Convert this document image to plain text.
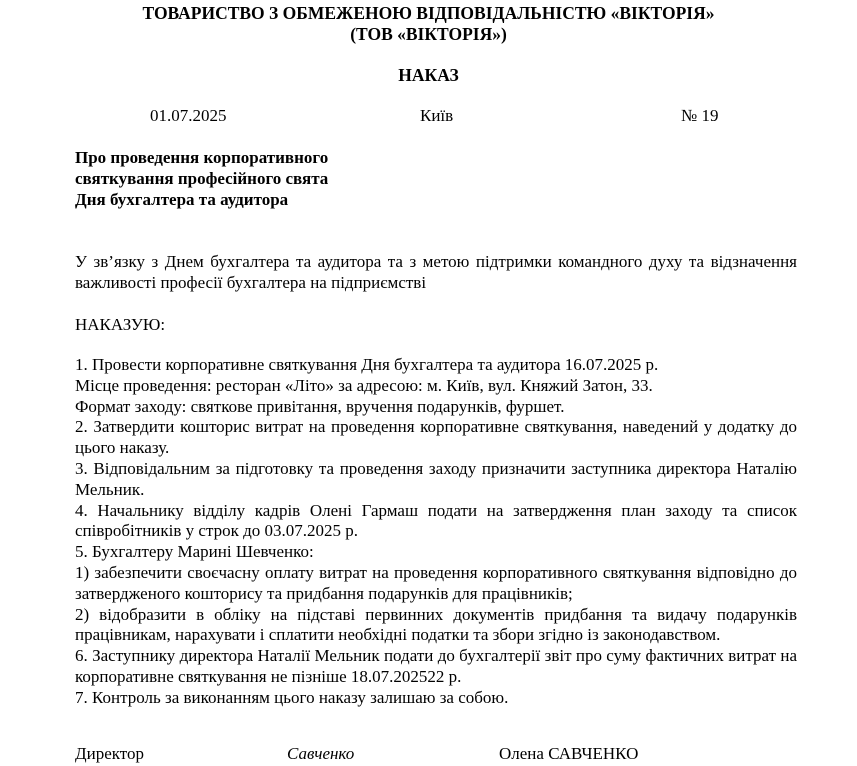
ТОВАРИСТВО З ОБМЕЖЕНОЮ ВІДПОВІДАЛЬНІСТЮ «ВІКТОРІЯ»
(ТОВ «ВІКТОРІЯ»)
НАКАЗ
01.07.2025	Київ	№ 19
Про проведення корпоративного
святкування професійного свята
Дня бухгалтера та аудитора

У зв’язку з Днем бухгалтера та аудитора та з метою підтримки командного духу та відзначення важливості професії бухгалтера на підприємстві

НАКАЗУЮ:

1. Провести корпоративне святкування Дня бухгалтера та аудитора 16.07.2025 р.

Місце проведення: ресторан «Літо» за адресою: м. Київ, вул. Княжий Затон, 33.

Формат заходу: святкове привітання, вручення подарунків, фуршет.

2. Затвердити кошторис витрат на проведення корпоративне святкування, наведений у додатку до цього наказу.

3. Відповідальним за підготовку та проведення заходу призначити заступника директора Наталію Мельник.

4. Начальнику відділу кадрів Олені Гармаш подати на затвердження план заходу та список співробітників у строк до 03.07.2025 р.

5. Бухгалтеру Марині Шевченко:

1) забезпечити своєчасну оплату витрат на проведення корпоративного святкування відповідно до затвердженого кошторису та придбання подарунків для працівників;

2) відобразити в обліку на підставі первинних документів придбання та видачу подарунків працівникам, нарахувати і сплатити необхідні податки та збори згідно із законодавством.

6. Заступнику директора Наталії Мельник подати до бухгалтерії звіт про суму фактичних витрат на корпоративне святкування не пізніше 18.07.202522 р.

7. Контроль за виконанням цього наказу залишаю за собою.

Директор	Савченко	Олена САВЧЕНКО
